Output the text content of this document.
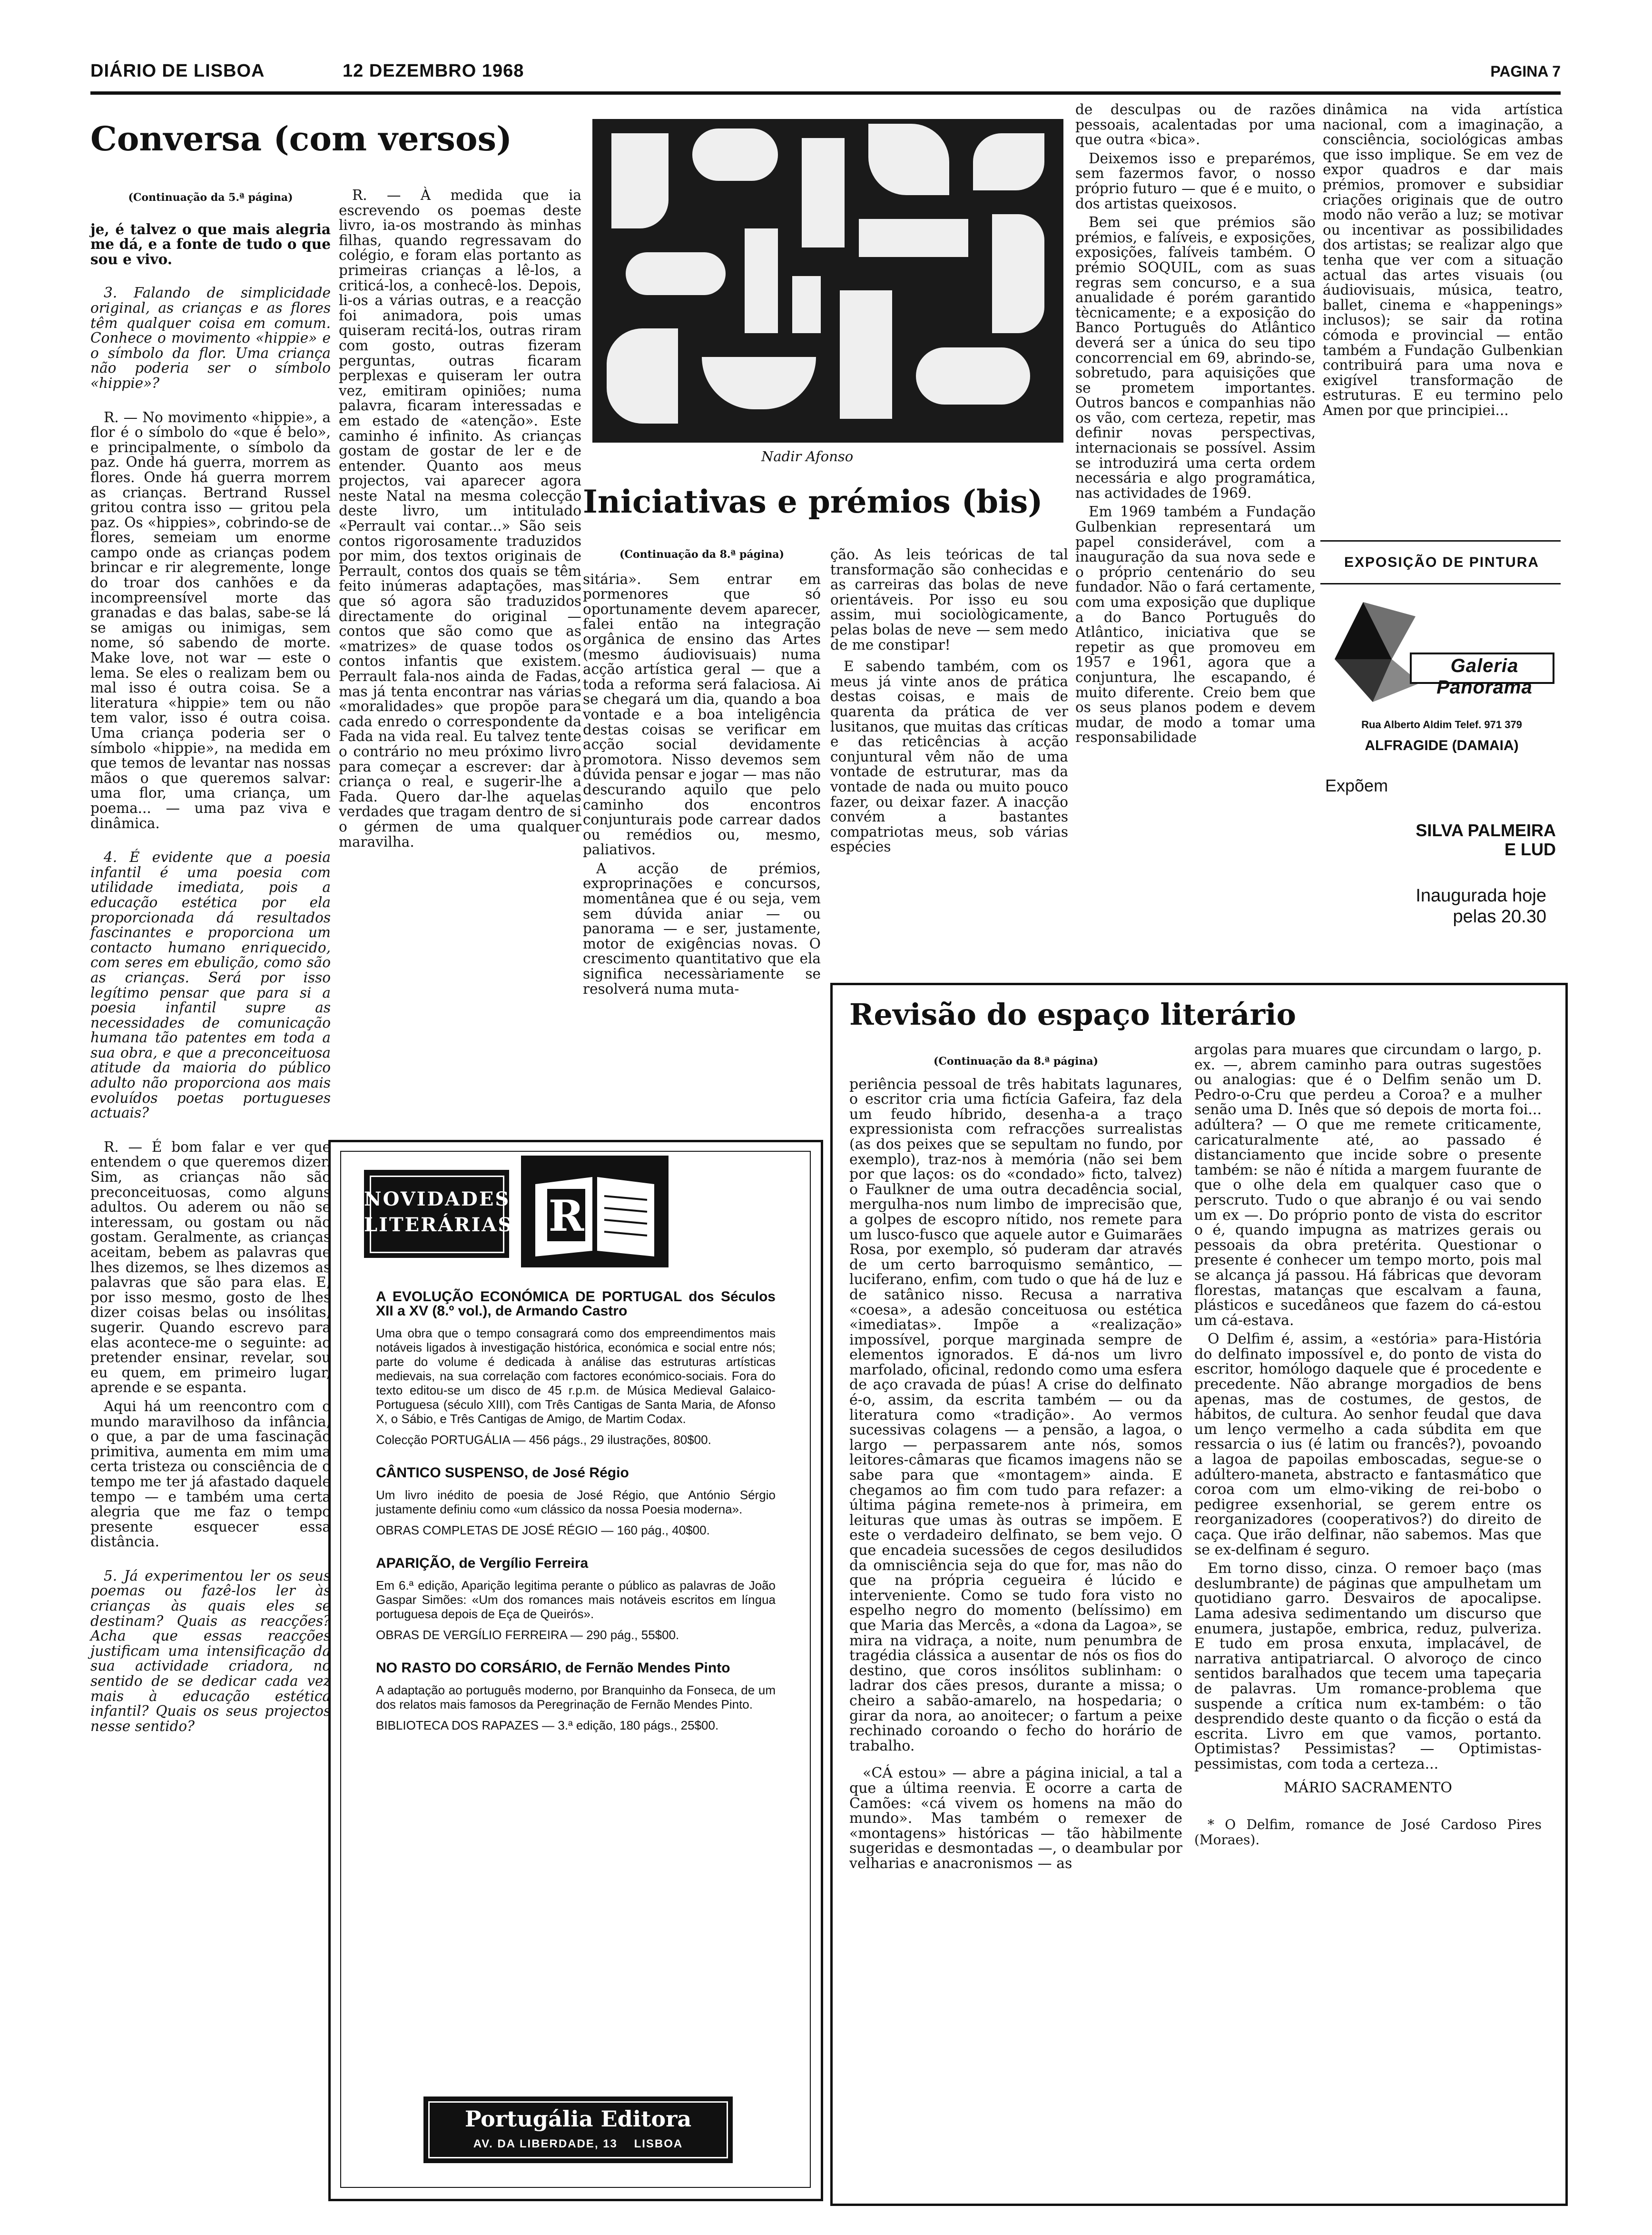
DIÁRIO DE LISBOA	12 DEZEMBRO 1968	PAGINA 7
Conversa (com versos)
(Continuação da 5.ª página)

je, é talvez o que mais alegria me dá, e a fonte de tudo o que sou e vivo.

3. Falando de simplicidade original, as crianças e as flores têm qualquer coisa em comum. Conhece o movimento «hippie» e o símbolo da flor. Uma criança não poderia ser o símbolo «hippie»?

R. — No movimento «hippie», a flor é o símbolo do «que é belo», e principalmente, o símbolo da paz. Onde há guerra, morrem as flores. Onde há guerra morrem as crianças. Bertrand Russel gritou contra isso — gritou pela paz. Os «hippies», cobrindo-se de flores, semeiam um enorme campo onde as crianças podem brincar e rir alegremente, longe do troar dos canhões e da incompreensível morte das granadas e das balas, sabe-se lá se amigas ou inimigas, sem nome, só sabendo de morte. Make love, not war — este o lema. Se eles o realizam bem ou mal isso é outra coisa. Se a literatura «hippie» tem ou não tem valor, isso é outra coisa. Uma criança poderia ser o símbolo «hippie», na medida em que temos de levantar nas nossas mãos o que queremos salvar: uma flor, uma criança, um poema... — uma paz viva e dinâmica.

4. É evidente que a poesia infantil é uma poesia com utilidade imediata, pois a educação estética por ela proporcionada dá resultados fascinantes e proporciona um contacto humano enriquecido, com seres em ebulição, como são as crianças. Será por isso legítimo pensar que para si a poesia infantil supre as necessidades de comunicação humana tão patentes em toda a sua obra, e que a preconceituosa atitude da maioria do público adulto não proporciona aos mais evoluídos poetas portugueses actuais?

R. — É bom falar e ver que entendem o que queremos dizer. Sim, as crianças não são preconceituosas, como alguns adultos. Ou aderem ou não se interessam, ou gostam ou não gostam. Geralmente, as crianças aceitam, bebem as palavras que lhes dizemos, se lhes dizemos as palavras que são para elas. E, por isso mesmo, gosto de lhes dizer coisas belas ou insólitas, sugerir. Quando escrevo para elas acontece-me o seguinte: ao pretender ensinar, revelar, sou eu quem, em primeiro lugar, aprende e se espanta.

Aqui há um reencontro com o mundo maravilhoso da infância, o que, a par de uma fascinação primitiva, aumenta em mim uma certa tristeza ou consciência de o tempo me ter já afastado daquele tempo — e também uma certa alegria que me faz o tempo presente esquecer essa distância.

5. Já experimentou ler os seus poemas ou fazê-los ler às crianças às quais eles se destinam? Quais as reacções? Acha que essas reacções justificam uma intensificação da sua actividade criadora, no sentido de se dedicar cada vez mais à educação estética infantil? Quais os seus projectos nesse sentido?

R. — À medida que ia escrevendo os poemas deste livro, ia-os mostrando às minhas filhas, quando regressavam do colégio, e foram elas portanto as primeiras crianças a lê-los, a criticá-los, a conhecê-los. Depois, li-os a várias outras, e a reacção foi animadora, pois umas quiseram recitá-los, outras riram com gosto, outras fizeram perguntas, outras ficaram perplexas e quiseram ler outra vez, emitiram opiniões; numa palavra, ficaram interessadas e em estado de «atenção». Este caminho é infinito. As crianças gostam de gostar de ler e de entender. Quanto aos meus projectos, vai aparecer agora neste Natal na mesma colecção deste livro, um intitulado «Perrault vai contar...» São seis contos rigorosamente traduzidos por mim, dos textos originais de Perrault, contos dos quais se têm feito inúmeras adaptações, mas que só agora são traduzidos directamente do original — contos que são como que as «matrizes» de quase todos os contos infantis que existem. Perrault fala-nos ainda de Fadas, mas já tenta encontrar nas várias «moralidades» que propõe para cada enredo o correspondente da Fada na vida real. Eu talvez tente o contrário no meu próximo livro para começar a escrever: dar à criança o real, e sugerir-lhe a Fada. Quero dar-lhe aquelas verdades que tragam dentro de si o gérmen de uma qualquer maravilha.

Nadir Afonso
Iniciativas e prémios (bis)
(Continuação da 8.ª página)

sitária». Sem entrar em pormenores que só oportunamente devem aparecer, falei então na integração orgânica de ensino das Artes (mesmo áudiovisuais) numa acção artística geral — que a toda a reforma será falaciosa. Ai se chegará um dia, quando a boa vontade e a boa inteligência destas coisas se verificar em acção social devidamente promotora. Nisso devemos sem dúvida pensar e jogar — mas não descurando aquilo que pelo caminho dos encontros conjunturais pode carrear dados ou remédios ou, mesmo, paliativos.

A acção de prémios, exproprinações e concursos, momentânea que é ou seja, vem sem dúvida aniar — ou panorama — e ser, justamente, motor de exigências novas. O crescimento quantitativo que ela significa necessàriamente se resolverá numa muta-

ção. As leis teóricas de tal transformação são conhecidas e as carreiras das bolas de neve orientáveis. Por isso eu sou assim, mui sociològicamente, pelas bolas de neve — sem medo de me constipar!

E sabendo também, com os meus já vinte anos de prática destas coisas, e mais de quarenta da prática de ver lusitanos, que muitas das críticas e das reticências à acção conjuntural vêm não de uma vontade de estruturar, mas da vontade de nada ou muito pouco fazer, ou deixar fazer. A inacção convém a bastantes compatriotas meus, sob várias espécies

de desculpas ou de razões pessoais, acalentadas por uma que outra «bica».

Deixemos isso e preparémos, sem fazermos favor, o nosso próprio futuro — que é e muito, o dos artistas queixosos.

Bem sei que prémios são prémios, e falíveis, e exposições, exposições, falíveis também. O prémio SOQUIL, com as suas regras sem concurso, e a sua anualidade é porém garantido tècnicamente; e a exposição do Banco Português do Atlântico deverá ser a única do seu tipo concorrencial em 69, abrindo-se, sobretudo, para aquisições que se prometem importantes. Outros bancos e companhias não os vão, com certeza, repetir, mas definir novas perspectivas, internacionais se possível. Assim se introduzirá uma certa ordem necessária e algo programática, nas actividades de 1969.

Em 1969 também a Fundação Gulbenkian representará um papel considerável, com a inauguração da sua nova sede e o próprio centenário do seu fundador. Não o fará certamente, com uma exposição que duplique a do Banco Português do Atlântico, iniciativa que se repetir as que promoveu em 1957 e 1961, agora que a conjuntura, lhe escapando, é muito diferente. Creio bem que os seus planos podem e devem mudar, de modo a tomar uma responsabilidade

dinâmica na vida artística nacional, com a imaginação, a consciência, sociológicas ambas que isso implique. Se em vez de expor quadros e dar mais prémios, promover e subsidiar criações originais que de outro modo não verão a luz; se motivar ou incentivar as possibilidades dos artistas; se realizar algo que tenha que ver com a situação actual das artes visuais (ou áudiovisuais, música, teatro, ballet, cinema e «happenings» inclusos); se sair da rotina cómoda e provincial — então também a Fundação Gulbenkian contribuirá para uma nova e exigível transformação de estruturas. E eu termino pelo Amen por que principiei...

EXPOSIÇÃO DE PINTURA
Galeria Panorama
Rua Alberto Aldim Telef. 971 379
ALFRAGIDE (DAMAIA)
Expõem
SILVA PALMEIRA
E LUD
Inaugurada hoje
pelas 20.30
NOVIDADES
LITERÁRIAS R
A EVOLUÇÃO ECONÓMICA DE PORTUGAL dos Séculos XII a XV (8.º vol.), de Armando Castro
Uma obra que o tempo consagrará como dos empreendimentos mais notáveis ligados à investigação histórica, económica e social entre nós; parte do volume é dedicada à análise das estruturas artísticas medievais, na sua correlação com factores económico-sociais. Fora do texto editou-se um disco de 45 r.p.m. de Música Medieval Galaico-Portuguesa (século XIII), com Três Cantigas de Santa Maria, de Afonso X, o Sábio, e Três Cantigas de Amigo, de Martim Codax.
Colecção PORTUGÁLIA — 456 págs., 29 ilustrações, 80$00.
CÂNTICO SUSPENSO, de José Régio
Um livro inédito de poesia de José Régio, que António Sérgio justamente definiu como «um clássico da nossa Poesia moderna».
OBRAS COMPLETAS DE JOSÉ RÉGIO — 160 pág., 40$00.
APARIÇÃO, de Vergílio Ferreira
Em 6.ª edição, Aparição legitima perante o público as palavras de João Gaspar Simões: «Um dos romances mais notáveis escritos em língua portuguesa depois de Eça de Queirós».
OBRAS DE VERGÍLIO FERREIRA — 290 pág., 55$00.
NO RASTO DO CORSÁRIO, de Fernão Mendes Pinto
A adaptação ao português moderno, por Branquinho da Fonseca, de um dos relatos mais famosos da Peregrinação de Fernão Mendes Pinto.
BIBLIOTECA DOS RAPAZES — 3.ª edição, 180 págs., 25$00.
Portugália Editora
AV. DA LIBERDADE, 13    LISBOA
Revisão do espaço literário
(Continuação da 8.ª página)

periência pessoal de três habitats lagunares, o escritor cria uma fictícia Gafeira, faz dela um feudo híbrido, desenha-a a traço expressionista com refracções surrealistas (as dos peixes que se sepultam no fundo, por exemplo), traz-nos à memória (não sei bem por que laços: os do «condado» ficto, talvez) o Faulkner de uma outra decadência social, mergulha-nos num limbo de imprecisão que, a golpes de escopro nítido, nos remete para um lusco-fusco que aquele autor e Guimarães Rosa, por exemplo, só puderam dar através de um certo barroquismo semântico, — luciferano, enfim, com tudo o que há de luz e de satânico nisso. Recusa a narrativa «coesa», a adesão conceituosa ou estética «imediatas». Impõe a «realização» impossível, porque marginada sempre de elementos ignorados. E dá-nos um livro marfolado, oficinal, redondo como uma esfera de aço cravada de púas! A crise do delfinato é-o, assim, da escrita também — ou da literatura como «tradição». Ao vermos sucessivas colagens — a pensão, a lagoa, o largo — perpassarem ante nós, somos leitores-câmaras que ficamos imagens não se sabe para que «montagem» ainda. E chegamos ao fim com tudo para refazer: a última página remete-nos à primeira, em leituras que umas às outras se impõem. E este o verdadeiro delfinato, se bem vejo. O que encadeia sucessões de cegos desiludidos da omnisciência seja do que for, mas não do que na própria cegueira é lúcido e interveniente. Como se tudo fora visto no espelho negro do momento (belíssimo) em que Maria das Mercês, a «dona da Lagoa», se mira na vidraça, a noite, num penumbra de tragédia clássica a ausentar de nós os fios do destino, que coros insólitos sublinham: o ladrar dos cães presos, durante a missa; o cheiro a sabão-amarelo, na hospedaria; o girar da nora, ao anoitecer; o fartum a peixe rechinado coroando o fecho do horário de trabalho.

«CÁ estou» — abre a página inicial, a tal a que a última reenvia. E ocorre a carta de Camões: «cá vivem os homens na mão do mundo». Mas também o remexer de «montagens» históricas — tão hàbilmente sugeridas e desmontadas —, o deambular por velharias e anacronismos — as

argolas para muares que circundam o largo, p. ex. —, abrem caminho para outras sugestões ou analogias: que é o Delfim senão um D. Pedro-o-Cru que perdeu a Coroa? e a mulher senão uma D. Inês que só depois de morta foi... adúltera? — O que me remete criticamente, caricaturalmente até, ao passado é distanciamento que incide sobre o presente também: se não é nítida a margem fuurante de que o olhe dela em qualquer caso que o perscruto. Tudo o que abranjo é ou vai sendo um ex —. Do próprio ponto de vista do escritor o é, quando impugna as matrizes gerais ou pessoais da obra pretérita. Questionar o presente é conhecer um tempo morto, pois mal se alcança já passou. Há fábricas que devoram florestas, matanças que escalvam a fauna, plásticos e sucedâneos que fazem do cá-estou um cá-estava.

O Delfim é, assim, a «estória» para-História do delfinato impossível e, do ponto de vista do escritor, homólogo daquele que é procedente e precedente. Não abrange morgadios de bens apenas, mas de costumes, de gestos, de hábitos, de cultura. Ao senhor feudal que dava um lenço vermelho a cada súbdita em que ressarcia o ius (é latim ou francês?), povoando a lagoa de papoilas emboscadas, segue-se o adúltero-maneta, abstracto e fantasmático que coroa com um elmo-viking de rei-bobo o pedigree exsenhorial, se gerem entre os reorganizadores (cooperativos?) do direito de caça. Que irão delfinar, não sabemos. Mas que se ex-delfinam é seguro.

Em torno disso, cinza. O remoer baço (mas deslumbrante) de páginas que ampulhetam um quotidiano garro. Desvairos de apocalipse. Lama adesiva sedimentando um discurso que enumera, justapõe, embrica, reduz, pulveriza. E tudo em prosa enxuta, implacável, de narrativa antipatriarcal. O alvoroço de cinco sentidos baralhados que tecem uma tapeçaria de palavras. Um romance-problema que suspende a crítica num ex-também: o tão desprendido deste quanto o da ficção o está da escrita. Livro em que vamos, portanto. Optimistas? Pessimistas? — Optimistas-pessimistas, com toda a certeza...

MÁRIO SACRAMENTO

* O Delfim, romance de José Cardoso Pires (Moraes).
